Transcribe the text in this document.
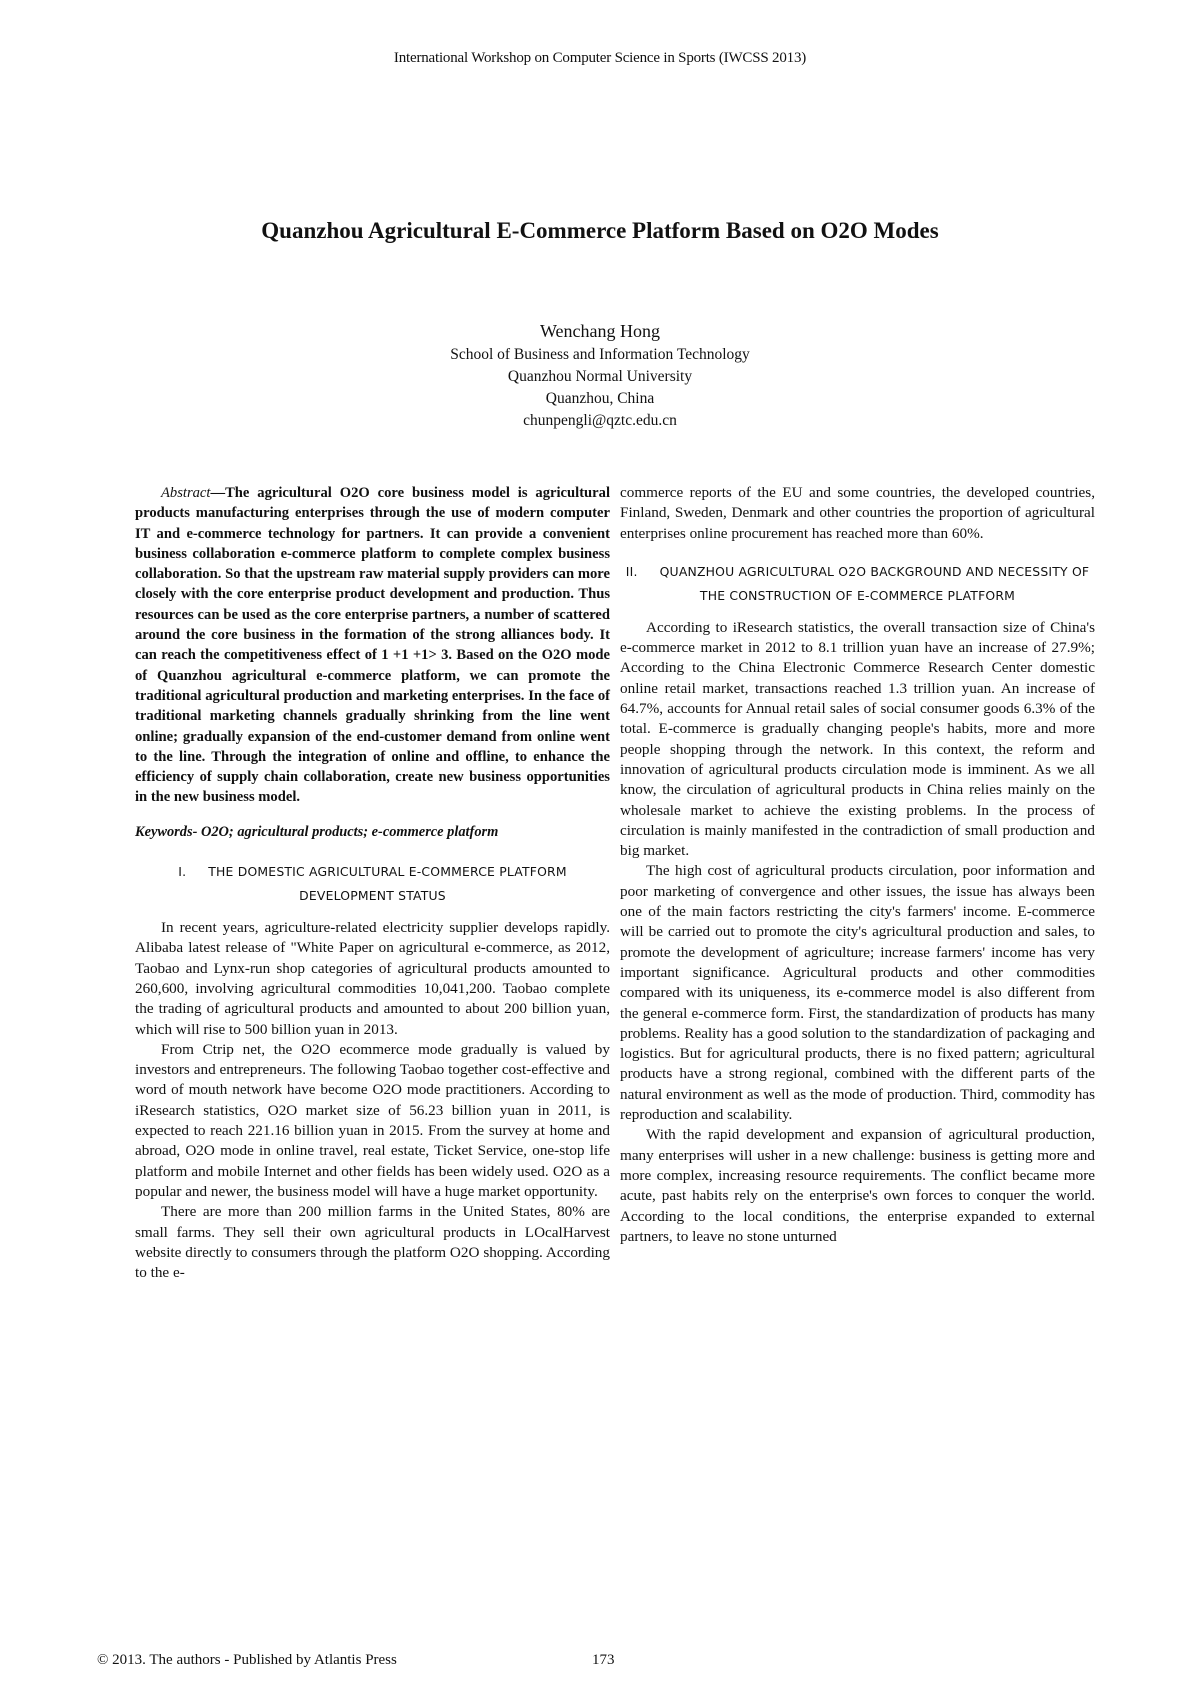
International Workshop on Computer Science in Sports (IWCSS 2013)
Quanzhou Agricultural E-Commerce Platform Based on O2O Modes
Wenchang Hong
School of Business and Information Technology
Quanzhou Normal University
Quanzhou, China
chunpengli@qztc.edu.cn

Abstract—The agricultural O2O core business model is agricultural products manufacturing enterprises through the use of modern computer IT and e-commerce technology for partners. It can provide a convenient business collaboration e-commerce platform to complete complex business collaboration. So that the upstream raw material supply providers can more closely with the core enterprise product development and production. Thus resources can be used as the core enterprise partners, a number of scattered around the core business in the formation of the strong alliances body. It can reach the competitiveness effect of 1 +1 +1> 3. Based on the O2O mode of Quanzhou agricultural e-commerce platform, we can promote the traditional agricultural production and marketing enterprises. In the face of traditional marketing channels gradually shrinking from the line went online; gradually expansion of the end-customer demand from online went to the line. Through the integration of online and offline, to enhance the efficiency of supply chain collaboration, create new business opportunities in the new business model.

Keywords- O2O; agricultural products; e-commerce platform

I. THE DOMESTIC AGRICULTURAL E-COMMERCE PLATFORM DEVELOPMENT STATUS

In recent years, agriculture-related electricity supplier develops rapidly. Alibaba latest release of "White Paper on agricultural e-commerce, as 2012, Taobao and Lynx-run shop categories of agricultural products amounted to 260,600, involving agricultural commodities 10,041,200. Taobao complete the trading of agricultural products and amounted to about 200 billion yuan, which will rise to 500 billion yuan in 2013.

From Ctrip net, the O2O ecommerce mode gradually is valued by investors and entrepreneurs. The following Taobao together cost-effective and word of mouth network have become O2O mode practitioners. According to iResearch statistics, O2O market size of 56.23 billion yuan in 2011, is expected to reach 221.16 billion yuan in 2015. From the survey at home and abroad, O2O mode in online travel, real estate, Ticket Service, one-stop life platform and mobile Internet and other fields has been widely used. O2O as a popular and newer, the business model will have a huge market opportunity.

There are more than 200 million farms in the United States, 80% are small farms. They sell their own agricultural products in LOcalHarvest website directly to consumers through the platform O2O shopping. According to the e-

commerce reports of the EU and some countries, the developed countries, Finland, Sweden, Denmark and other countries the proportion of agricultural enterprises online procurement has reached more than 60%.

II. QUANZHOU AGRICULTURAL O2O BACKGROUND AND NECESSITY OF THE CONSTRUCTION OF E-COMMERCE PLATFORM

According to iResearch statistics, the overall transaction size of China's e-commerce market in 2012 to 8.1 trillion yuan have an increase of 27.9%; According to the China Electronic Commerce Research Center domestic online retail market, transactions reached 1.3 trillion yuan. An increase of 64.7%, accounts for Annual retail sales of social consumer goods 6.3% of the total. E-commerce is gradually changing people's habits, more and more people shopping through the network. In this context, the reform and innovation of agricultural products circulation mode is imminent. As we all know, the circulation of agricultural products in China relies mainly on the wholesale market to achieve the existing problems. In the process of circulation is mainly manifested in the contradiction of small production and big market.

The high cost of agricultural products circulation, poor information and poor marketing of convergence and other issues, the issue has always been one of the main factors restricting the city's farmers' income. E-commerce will be carried out to promote the city's agricultural production and sales, to promote the development of agriculture; increase farmers' income has very important significance. Agricultural products and other commodities compared with its uniqueness, its e-commerce model is also different from the general e-commerce form. First, the standardization of products has many problems. Reality has a good solution to the standardization of packaging and logistics. But for agricultural products, there is no fixed pattern; agricultural products have a strong regional, combined with the different parts of the natural environment as well as the mode of production. Third, commodity has reproduction and scalability.

With the rapid development and expansion of agricultural production, many enterprises will usher in a new challenge: business is getting more and more complex, increasing resource requirements. The conflict became more acute, past habits rely on the enterprise's own forces to conquer the world. According to the local conditions, the enterprise expanded to external partners, to leave no stone unturned

© 2013. The authors - Published by Atlantis Press	173
